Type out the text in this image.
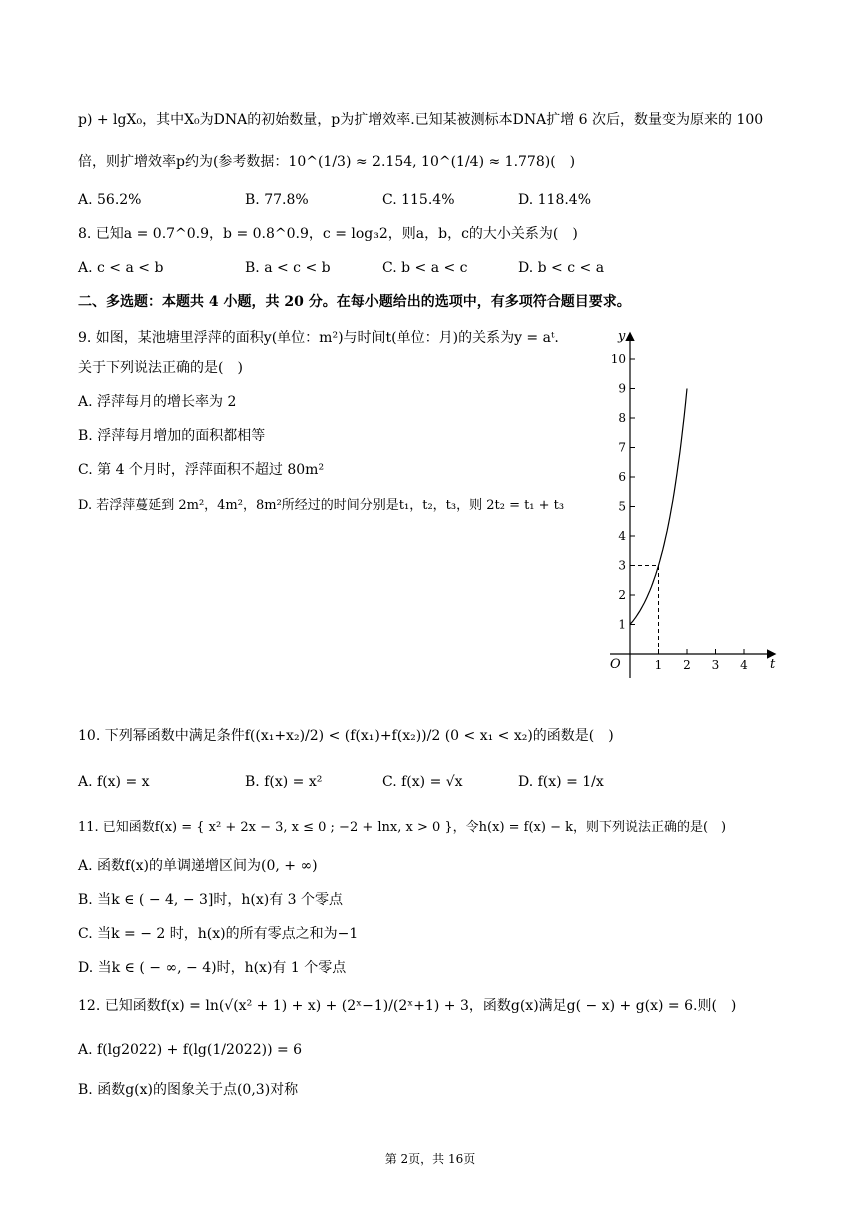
p) + lgX₀，其中X₀为DNA的初始数量，p为扩增效率.已知某被测标本DNA扩增 6 次后，数量变为原来的 100
倍，则扩增效率p约为(参考数据：10^(1/3) ≈ 2.154, 10^(1/4) ≈ 1.778)(　)
A. 56.2%	B. 77.8%	C. 115.4%	D. 118.4%
8. 已知a = 0.7^0.9，b = 0.8^0.9，c = log₃2，则a，b，c的大小关系为(　)
A. c < a < b	B. a < c < b	C. b < a < c	D. b < c < a
二、多选题：本题共 4 小题，共 20 分。在每小题给出的选项中，有多项符合题目要求。
9. 如图，某池塘里浮萍的面积y(单位：m²)与时间t(单位：月)的关系为y = aᵗ.
关于下列说法正确的是(　)
A. 浮萍每月的增长率为 2
B. 浮萍每月增加的面积都相等
C. 第 4 个月时，浮萍面积不超过 80m²
D. 若浮萍蔓延到 2m²，4m²，8m²所经过的时间分别是t₁，t₂，t₃，则 2t₂ = t₁ + t₃
y
t
O
1
2
3
4
5
6
7
8
9
10
1 2 3 4
10. 下列幂函数中满足条件f((x₁+x₂)/2) < (f(x₁)+f(x₂))/2 (0 < x₁ < x₂)的函数是(　)
A. f(x) = x	B. f(x) = x²	C. f(x) = √x	D. f(x) = 1/x
11. 已知函数f(x) = { x² + 2x − 3, x ≤ 0 ; −2 + lnx, x > 0 }，令h(x) = f(x) − k，则下列说法正确的是(　)
A. 函数f(x)的单调递增区间为(0, + ∞)
B. 当k ∈ ( − 4, − 3]时，h(x)有 3 个零点
C. 当k = − 2 时，h(x)的所有零点之和为−1
D. 当k ∈ ( − ∞, − 4)时，h(x)有 1 个零点
12. 已知函数f(x) = ln(√(x² + 1) + x) + (2ˣ−1)/(2ˣ+1) + 3，函数g(x)满足g( − x) + g(x) = 6.则(　)
A. f(lg2022) + f(lg(1/2022)) = 6
B. 函数g(x)的图象关于点(0,3)对称
第 2页，共 16页
